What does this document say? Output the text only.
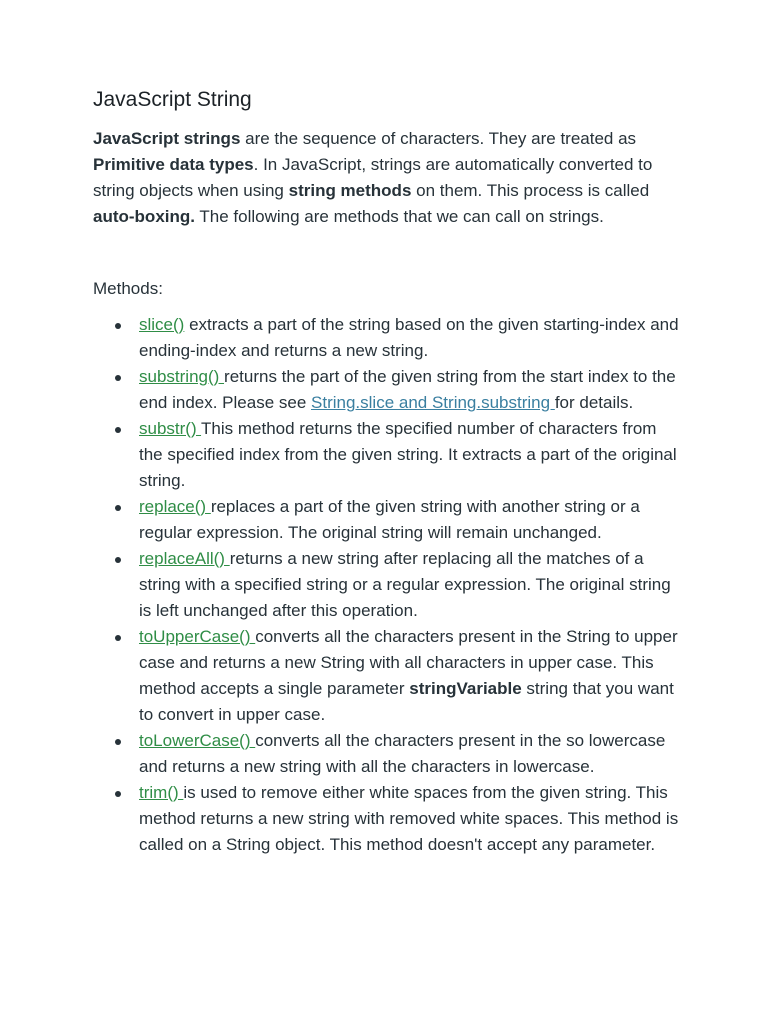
JavaScript String

JavaScript strings are the sequence of characters. They are treated as Primitive data types. In JavaScript, strings are automatically converted to string objects when using string methods on them. This process is called auto-boxing. The following are methods that we can call on strings.

Methods:

slice() extracts a part of the string based on the given starting-index and ending-index and returns a new string.
substring() returns the part of the given string from the start index to the end index. Please see String.slice and String.substring for details.
substr() This method returns the specified number of characters from the specified index from the given string. It extracts a part of the original string.
replace() replaces a part of the given string with another string or a regular expression. The original string will remain unchanged.
replaceAll() returns a new string after replacing all the matches of a string with a specified string or a regular expression. The original string is left unchanged after this operation.
toUpperCase() converts all the characters present in the String to upper case and returns a new String with all characters in upper case. This method accepts a single parameter stringVariable string that you want to convert in upper case.
toLowerCase() converts all the characters present in the so lowercase and returns a new string with all the characters in lowercase.
trim() is used to remove either white spaces from the given string. This method returns a new string with removed white spaces. This method is called on a String object. This method doesn't accept any parameter.
